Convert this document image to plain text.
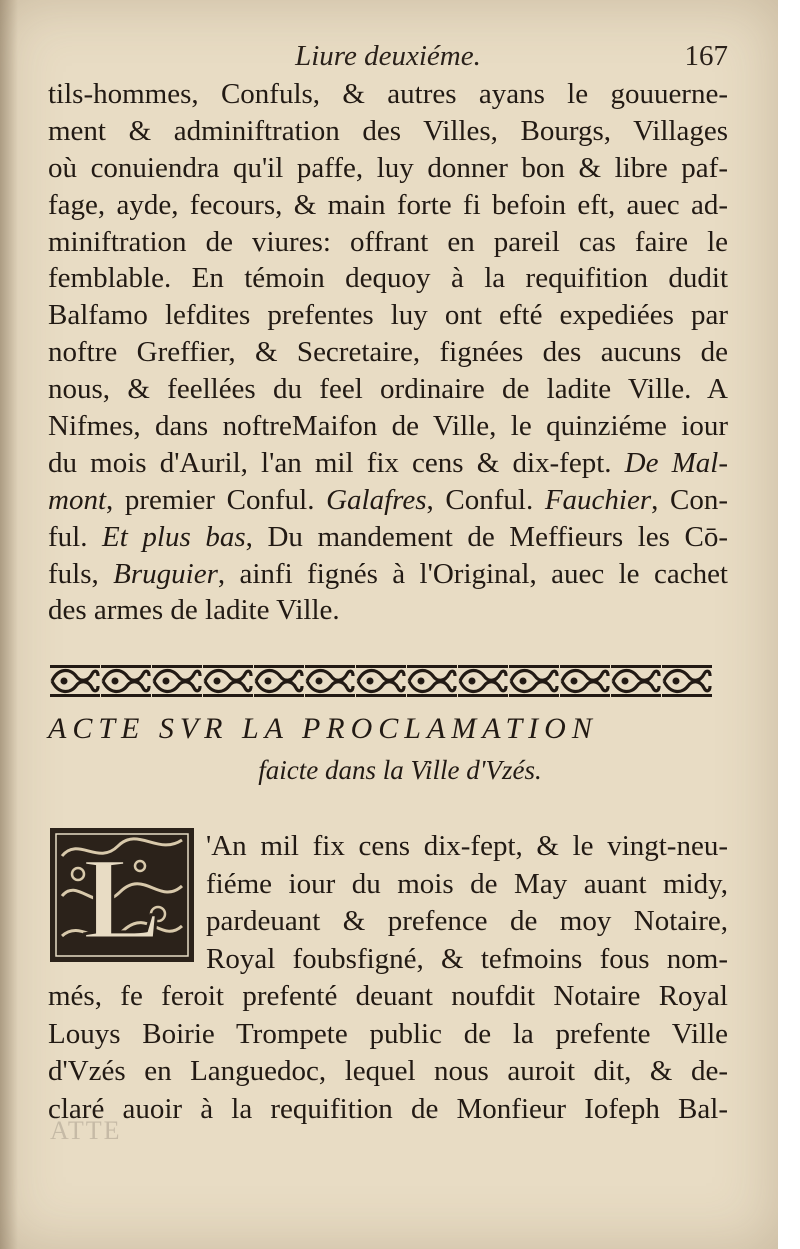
Liure deuxiéme.	167
tils-hommes, Confuls, & autres ayans le gouuerne-
ment & adminiftration des Villes, Bourgs, Villages
où conuiendra qu'il paffe, luy donner bon & libre paf-
fage, ayde, fecours, & main forte fi befoin eft, auec ad-
miniftration de viures: offrant en pareil cas faire le
femblable. En témoin dequoy à la requifition dudit
Balfamo lefdites prefentes luy ont efté expediées par
noftre Greffier, & Secretaire, fignées des aucuns de
nous, & feellées du feel ordinaire de ladite Ville. A
Nifmes, dans noftreMaifon de Ville, le quinziéme iour
du mois d'Auril, l'an mil fix cens & dix-fept. De Mal-
mont, premier Conful. Galafres, Conful. Fauchier, Con-
ful. Et plus bas, Du mandement de Meffieurs les Cō-
fuls, Bruguier, ainfi fignés à l'Original, auec le cachet
des armes de ladite Ville.
ACTE SVR LA PROCLAMATION
faicte dans la Ville d'Vzés.
L 'An mil fix cens dix-fept, & le vingt-neu-
fiéme iour du mois de May auant midy,
pardeuant & prefence de moy Notaire,
Royal foubsfigné, & tefmoins fous nom-
més, fe feroit prefenté deuant noufdit Notaire Royal
Louys Boirie Trompete public de la prefente Ville
d'Vzés en Languedoc, lequel nous auroit dit, & de-
claré auoir à la requifition de Monfieur Iofeph Bal-
ATTE
